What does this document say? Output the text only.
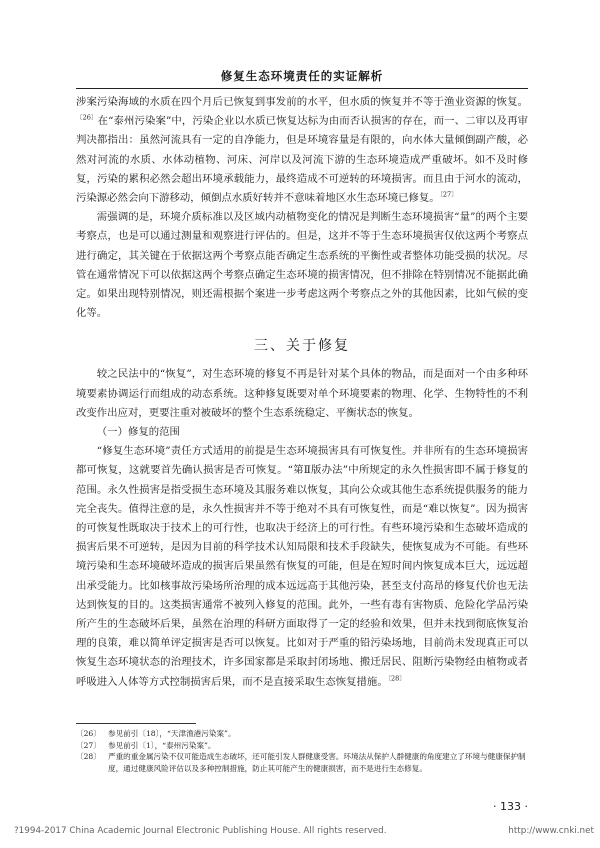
修复生态环境责任的实证解析

涉案污染海域的水质在四个月后已恢复到事发前的水平，但水质的恢复并不等于渔业资源的恢复。$^{〔26〕}$在“泰州污染案”中，污染企业以水质已恢复达标为由而否认损害的存在，而一、二审以及再审判决都指出：虽然河流具有一定的自净能力，但是环境容量是有限的，向水体大量倾倒副产酸，必然对河流的水质、水体动植物、河床、河岸以及河流下游的生态环境造成严重破坏。如不及时修复，污染的累积必然会超出环境承载能力，最终造成不可逆转的环境损害。而且由于河水的流动，污染源必然会向下游移动，倾倒点水质好转并不意味着地区水生态环境已修复。$^{〔27〕}$

需强调的是，环境介质标准以及区域内动植物变化的情况是判断生态环境损害“量”的两个主要考察点，也是可以通过测量和观察进行评估的。但是，这并不等于生态环境损害仅依这两个考察点进行确定，其关键在于依据这两个考察点能否确定生态系统的平衡性或者整体功能受损的状况。尽管在通常情况下可以依据这两个考察点确定生态环境的损害情况，但不排除在特别情况不能据此确定。如果出现特别情况，则还需根据个案进一步考虑这两个考察点之外的其他因素，比如气候的变化等。

三、关于修复

较之民法中的“恢复”，对生态环境的修复不再是针对某个具体的物品，而是面对一个由多种环境要素协调运行而组成的动态系统。这种修复既要对单个环境要素的物理、化学、生物特性的不利改变作出应对，更要注重对被破坏的整个生态系统稳定、平衡状态的恢复。

（一）修复的范围

“修复生态环境”责任方式适用的前提是生态环境损害具有可恢复性。并非所有的生态环境损害都可恢复，这就要首先确认损害是否可恢复。“第Ⅱ版办法”中所规定的永久性损害即不属于修复的范围。永久性损害是指受损生态环境及其服务难以恢复，其向公众或其他生态系统提供服务的能力完全丧失。值得注意的是，永久性损害并不等于绝对不具有可恢复性，而是“难以恢复”。因为损害的可恢复性既取决于技术上的可行性，也取决于经济上的可行性。有些环境污染和生态破坏造成的损害后果不可逆转，是因为目前的科学技术认知局限和技术手段缺失，使恢复成为不可能。有些环境污染和生态环境破坏造成的损害后果虽然有恢复的可能，但是在短时间内恢复成本巨大，远远超出承受能力。比如核事故污染场所治理的成本远远高于其他污染，甚至支付高昂的修复代价也无法达到恢复的目的。这类损害通常不被列入修复的范围。此外，一些有毒有害物质、危险化学品污染所产生的生态破坏后果，虽然在治理的科研方面取得了一定的经验和效果，但并未找到彻底恢复治理的良策，难以简单评定损害是否可以恢复。比如对于严重的铅污染场地，目前尚未发现真正可以恢复生态环境状态的治理技术，许多国家都是采取封闭场地、搬迁居民、阻断污染物经由植物或者呼吸进入人体等方式控制损害后果，而不是直接采取生态恢复措施。$^{〔28〕}$

〔26〕 参见前引〔18〕，“天津渔港污染案”。
〔27〕 参见前引〔1〕，“泰州污染案”。
〔28〕 严重的重金属污染不仅可能造成生态破坏，还可能引发人群健康受害。环境法从保护人群健康的角度建立了环境与健康保护制度，通过健康风险评估以及多种控制措施，防止其可能产生的健康损害，而不是进行生态修复。
· 133 ·
?1994-2017 China Academic Journal Electronic Publishing House. All rights reserved.	http://www.cnki.net
